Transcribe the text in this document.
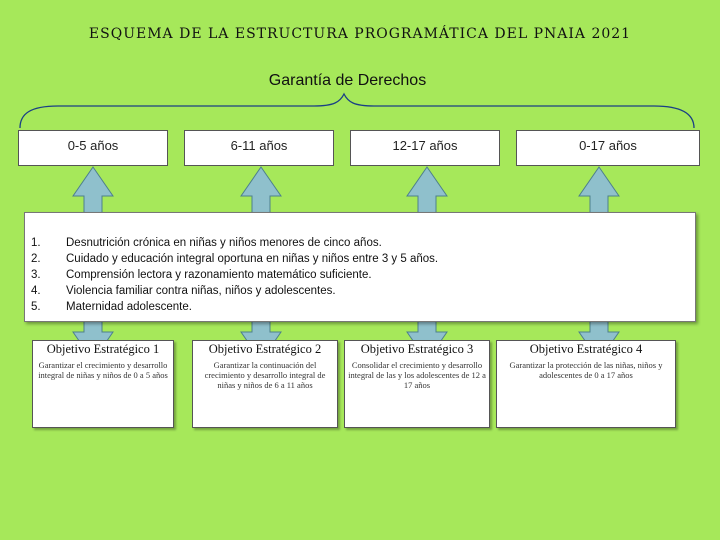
ESQUEMA DE LA ESTRUCTURA PROGRAMÁTICA DEL PNAIA 2021
Garantía de Derechos
0-5 años	6-11 años	12-17 años	0-17 años
1. Desnutrición crónica en niñas y niños menores de cinco años.
2. Cuidado y educación integral oportuna en niñas y niños entre 3 y 5 años.
3. Comprensión lectora y razonamiento matemático suficiente.
4. Violencia familiar contra niñas, niños y adolescentes.
5. Maternidad adolescente.
Objetivo Estratégico 1
Garantizar el crecimiento y desarrollo integral de niñas y niños de 0 a 5 años
Objetivo Estratégico 2
Garantizar la continuación del crecimiento y desarrollo integral de niñas y niños de 6 a 11 años
Objetivo Estratégico 3
Consolidar el crecimiento y desarrollo integral de las y los adolescentes de 12 a 17 años
Objetivo Estratégico 4
Garantizar la protección de las niñas, niños y adolescentes de 0 a 17 años
